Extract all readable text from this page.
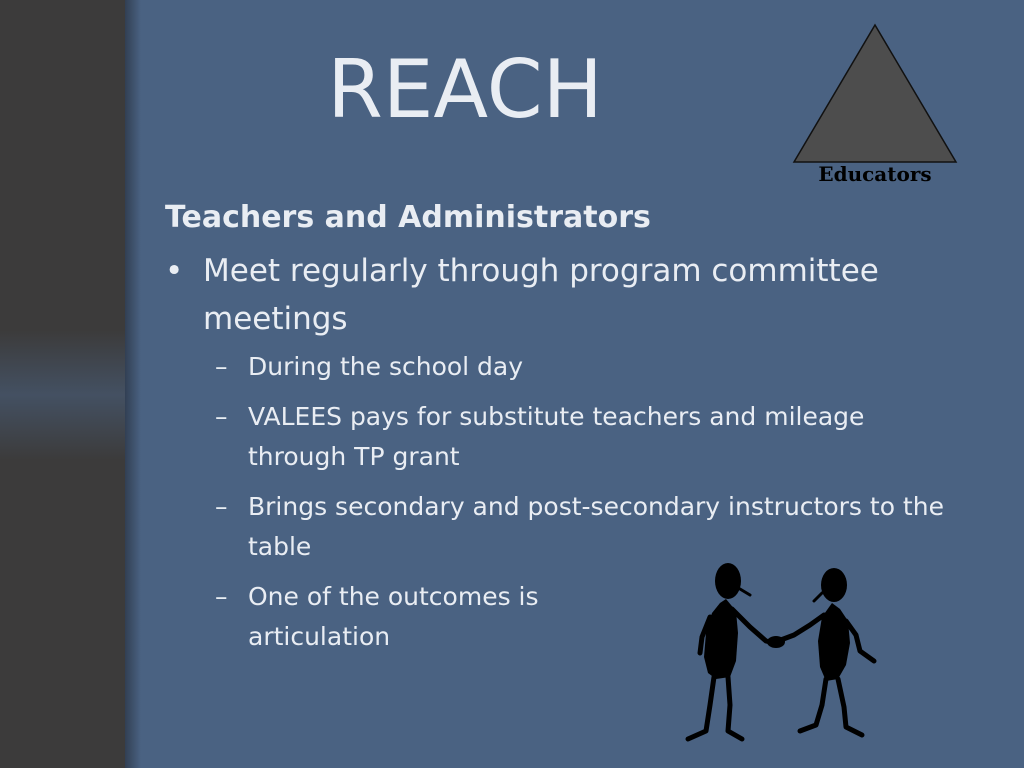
REACH
Educators
Teachers and Administrators
• Meet regularly through program committee meetings
– During the school day
– VALEES pays for substitute teachers and mileage through TP grant
– Brings secondary and post-secondary instructors to the table
– One of the outcomes is articulation
